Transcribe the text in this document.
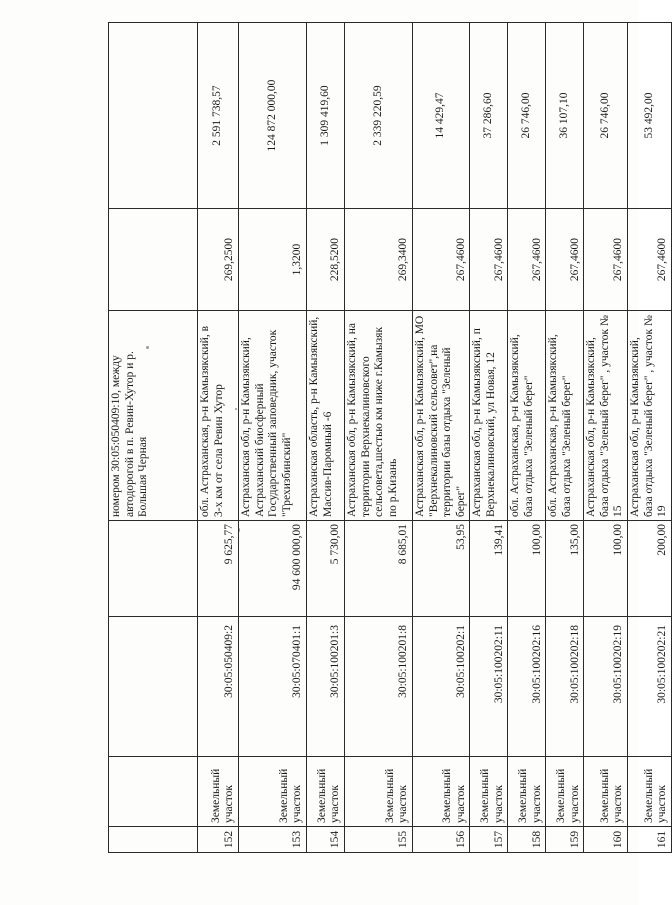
				номером 30:05:050409:10, между автодорогой в п. Ревин-Хутор и р. Большая Черная		
152	Земельный участок	30:05:050409:2	9 625,77	обл. Астраханская, р-н Камызякский, в 3-х км от села Ревин Хутор	269,2500	2 591 738,57
153	Земельный участок	30:05:070401:1	94 600 000,00	Астраханская обл, р-н Камызякский, Астраханский биосферный Государственный заповедник, участок "Трехизбинский"	1,3200	124 872 000,00
154	Земельный участок	30:05:100201:3	5 730,00	Астраханская область, р-н Камызякский, Массив-Паромный -6	228,5200	1 309 419,60
155	Земельный участок	30:05:100201:8	8 685,01	Астраханская обл, р-н Камызякский, на территории Верхнекалиновского сельсовета,шестью км ниже г.Камызяк по р.Кизань	269,3400	2 339 220,59
156	Земельный участок	30:05:100202:1	53,95	Астраханская обл, р-н Камызякский, МО "Верхнекалиновский сельсовет",на территории базы отдыха "Зеленый берег"	267,4600	14 429,47
157	Земельный участок	30:05:100202:11	139,41	Астраханская обл, р-н Камызякский, п Верхнекалиновский, ул Новая, 12	267,4600	37 286,60
158	Земельный участок	30:05:100202:16	100,00	обл. Астраханская, р-н Камызякский, база отдыха "Зеленый берег"	267,4600	26 746,00
159	Земельный участок	30:05:100202:18	135,00	обл. Астраханская, р-н Камызякский, база отдыха "Зеленый берег"	267,4600	36 107,10
160	Земельный участок	30:05:100202:19	100,00	Астраханская обл, р-н Камызякский, база отдыха "Зеленый берег" , участок № 15	267,4600	26 746,00
161	Земельный участок	30:05:100202:21	200,00	Астраханская обл, р-н Камызякский, база отдыха "Зеленый берег" , участок № 19	267,4600	53 492,00
